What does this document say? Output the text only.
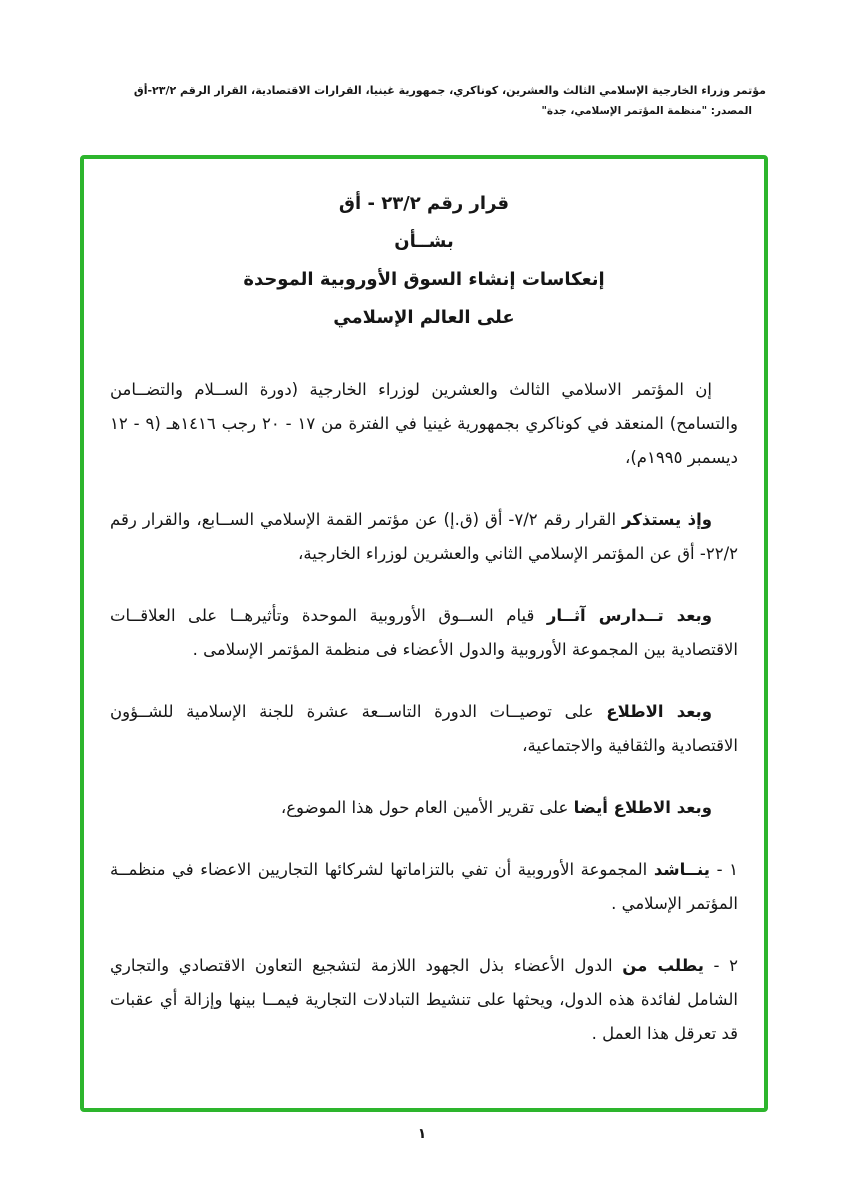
مؤتمر وزراء الخارجية الإسلامي الثالث والعشرين، كوناكري، جمهورية غينيا، القرارات الاقتصادية، القرار الرقم ٢٣/٢-أق
المصدر: "منظمة المؤتمر الإسلامي، جدة"
قرار رقم ٢٣/٢ - أق
بشــأن
إنعكاسات إنشاء السوق الأوروبية الموحدة
على العالم الإسلامي

إن المؤتمر الاسلامي الثالث والعشرين لوزراء الخارجية (دورة الســلام والتضــامن والتسامح) المنعقد في كوناكري بجمهورية غينيا في الفترة من ١٧ - ٢٠ رجب ١٤١٦هـ (٩ - ١٢ ديسمبر ١٩٩٥م)،

وإذ يستذكر القرار رقم ٧/٢- أق (ق.إ) عن مؤتمر القمة الإسلامي الســابع، والقرار رقم ٢٢/٢- أق عن المؤتمر الإسلامي الثاني والعشرين لوزراء الخارجية،

وبعد تــدارس آثــار قيام الســوق الأوروبية الموحدة وتأثيرهــا على العلاقــات الاقتصادية بين المجموعة الأوروبية والدول الأعضاء فى منظمة المؤتمر الإسلامى .

وبعد الاطلاع على توصيــات الدورة التاســعة عشرة للجنة الإسلامية للشــؤون الاقتصادية والثقافية والاجتماعية،

وبعد الاطلاع أيضا على تقرير الأمين العام حول هذا الموضوع،

١ - ينــاشد المجموعة الأوروبية أن تفي بالتزاماتها لشركائها التجاريين الاعضاء في منظمــة المؤتمر الإسلامي .

٢ - يطلب من الدول الأعضاء بذل الجهود اللازمة لتشجيع التعاون الاقتصادي والتجاري الشامل لفائدة هذه الدول، ويحثها على تنشيط التبادلات التجارية فيمــا بينها وإزالة أي عقبات قد تعرقل هذا العمل .

١
